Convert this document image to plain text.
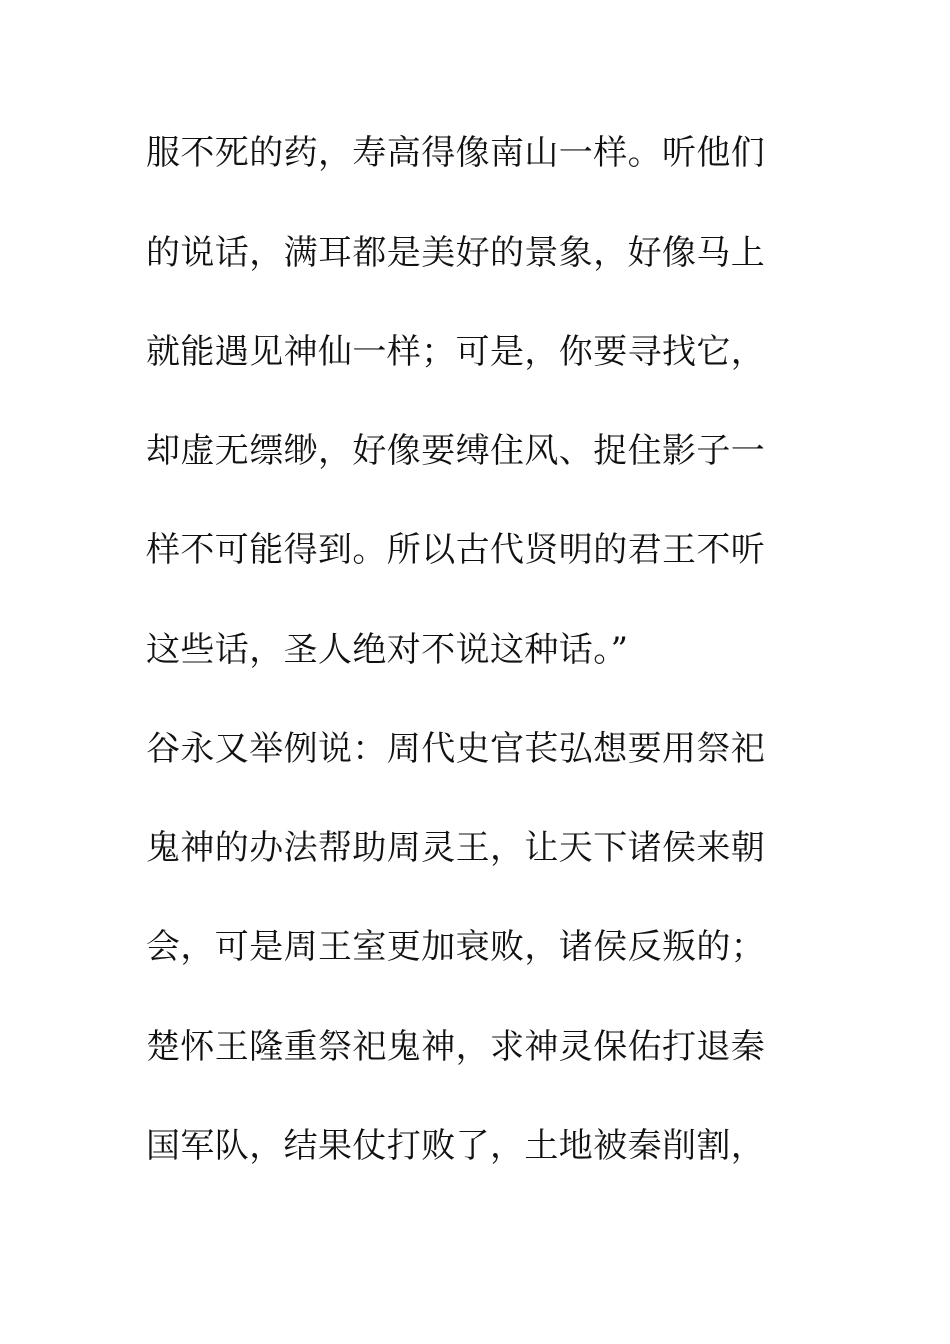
服不死的药，寿高得像南山一样。听他们
的说话，满耳都是美好的景象，好像马上
就能遇见神仙一样；可是，你要寻找它，
却虚无缥缈，好像要缚住风、捉住影子一
样不可能得到。所以古代贤明的君王不听
这些话，圣人绝对不说这种话。”
谷永又举例说：周代史官苌弘想要用祭祀
鬼神的办法帮助周灵王，让天下诸侯来朝
会，可是周王室更加衰败，诸侯反叛的；
楚怀王隆重祭祀鬼神，求神灵保佑打退秦
国军队，结果仗打败了，土地被秦削割，
